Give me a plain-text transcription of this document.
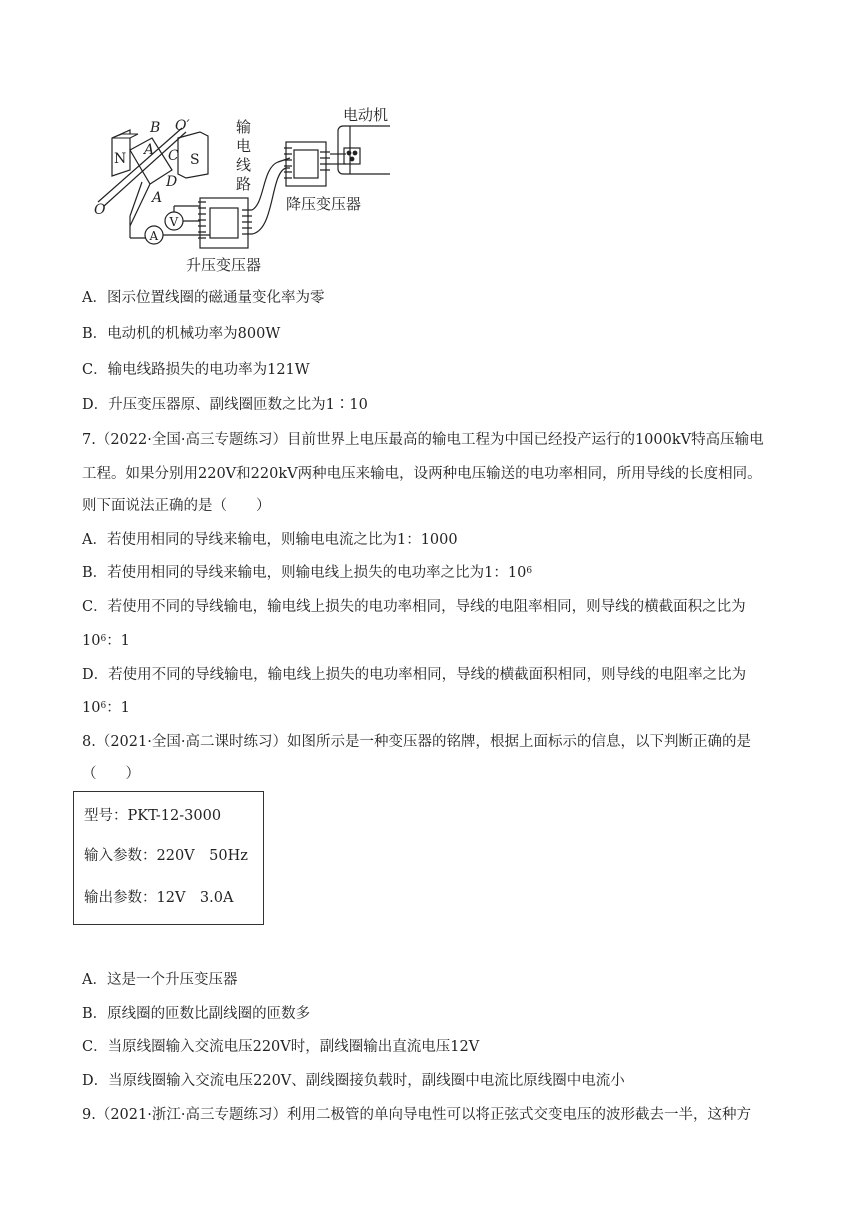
N	S
B O′
A C
D
A
O
A
V
升压变压器
输
电
线
路
降压变压器
电动机
A．图示位置线圈的磁通量变化率为零
B．电动机的机械功率为800W
C．输电线路损失的电功率为121W
D．升压变压器原、副线圈匝数之比为1∶10
7.（2022·全国·高三专题练习）目前世界上电压最高的输电工程为中国已经投产运行的1000kV特高压输电
工程。如果分别用220V和220kV两种电压来输电，设两种电压输送的电功率相同，所用导线的长度相同。
则下面说法正确的是（　　）
A．若使用相同的导线来输电，则输电电流之比为1：1000
B．若使用相同的导线来输电，则输电线上损失的电功率之比为1：$10^6$
C．若使用不同的导线输电，输电线上损失的电功率相同，导线的电阻率相同，则导线的横截面积之比为
$10^6$：1
D．若使用不同的导线输电，输电线上损失的电功率相同，导线的横截面积相同，则导线的电阻率之比为
$10^6$：1
8.（2021·全国·高二课时练习）如图所示是一种变压器的铭牌，根据上面标示的信息，以下判断正确的是
（　　）
型号：PKT-12-3000
输入参数：220V　50Hz
输出参数：12V　3.0A
A．这是一个升压变压器
B．原线圈的匝数比副线圈的匝数多
C．当原线圈输入交流电压220V时，副线圈输出直流电压12V
D．当原线圈输入交流电压220V、副线圈接负载时，副线圈中电流比原线圈中电流小
9.（2021·浙江·高三专题练习）利用二极管的单向导电性可以将正弦式交变电压的波形截去一半，这种方
